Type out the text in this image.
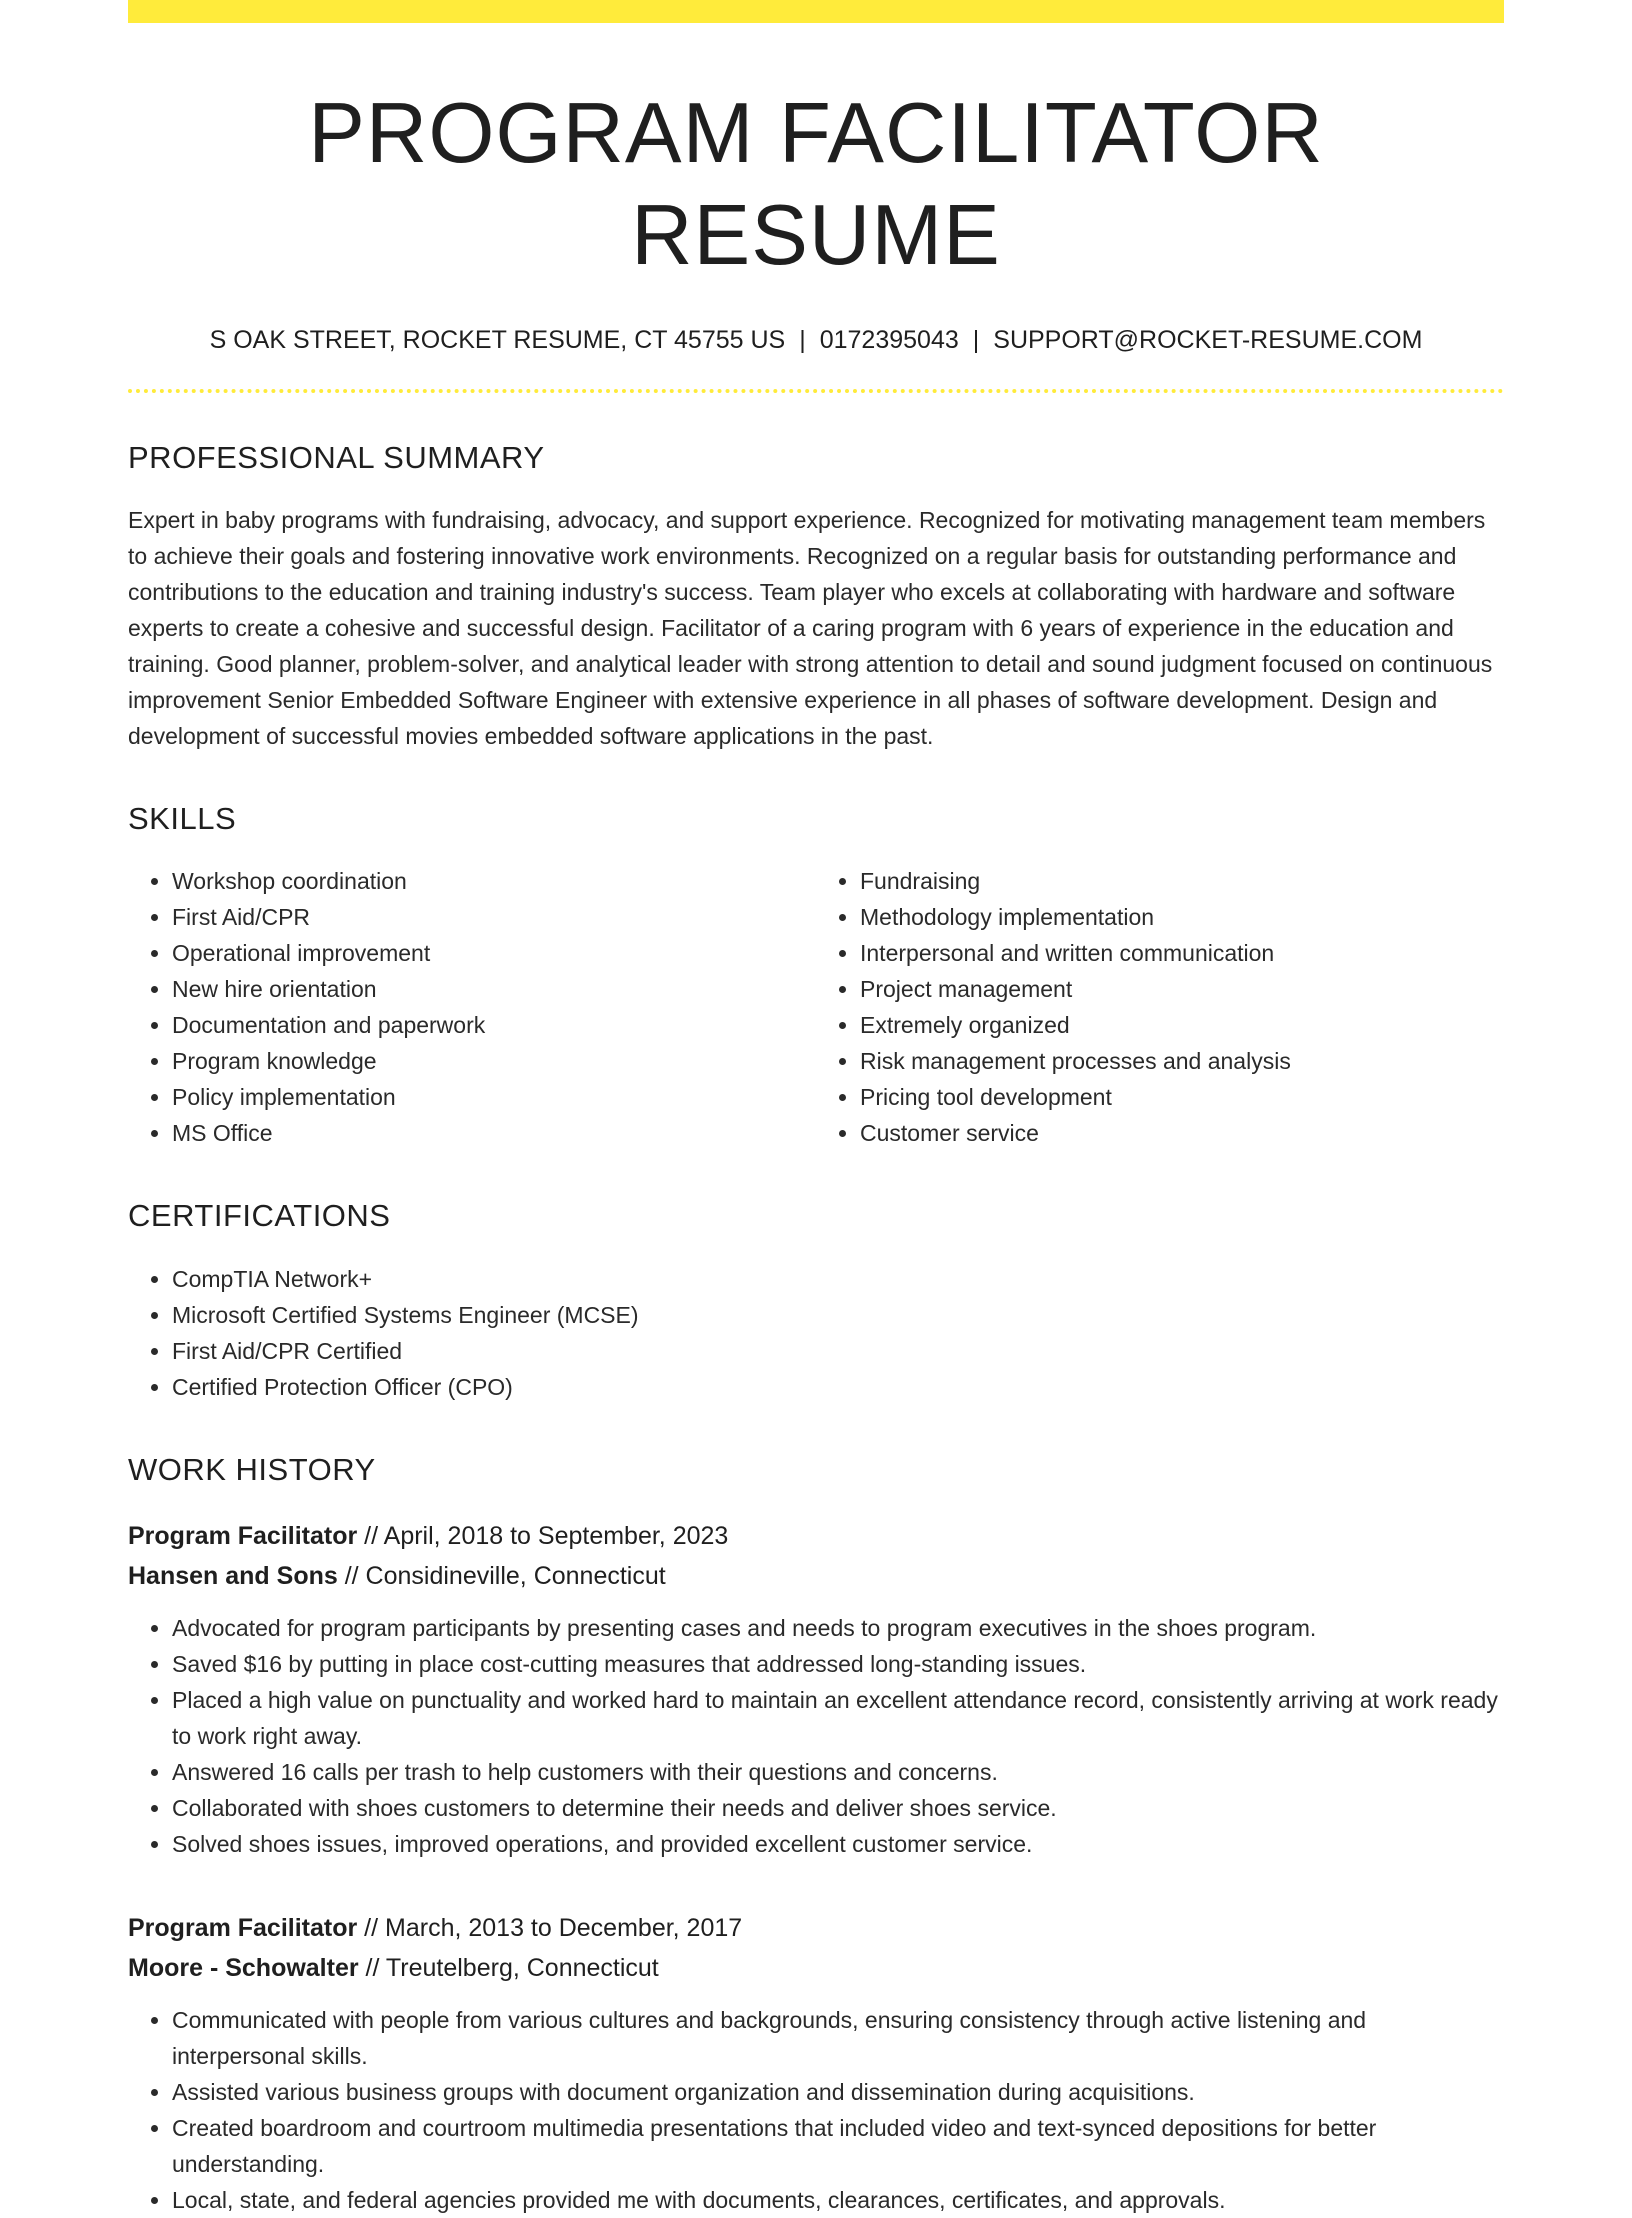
PROGRAM FACILITATOR RESUME
S OAK STREET, ROCKET RESUME, CT 45755 US | 0172395043 | SUPPORT@ROCKET-RESUME.COM
PROFESSIONAL SUMMARY

Expert in baby programs with fundraising, advocacy, and support experience. Recognized for motivating management team members to achieve their goals and fostering innovative work environments. Recognized on a regular basis for outstanding performance and contributions to the education and training industry's success. Team player who excels at collaborating with hardware and software experts to create a cohesive and successful design. Facilitator of a caring program with 6 years of experience in the education and training. Good planner, problem-solver, and analytical leader with strong attention to detail and sound judgment focused on continuous improvement Senior Embedded Software Engineer with extensive experience in all phases of software development. Design and development of successful movies embedded software applications in the past.

SKILLS
• Workshop coordination
• First Aid/CPR
• Operational improvement
• New hire orientation
• Documentation and paperwork
• Program knowledge
• Policy implementation
• MS Office
• Fundraising
• Methodology implementation
• Interpersonal and written communication
• Project management
• Extremely organized
• Risk management processes and analysis
• Pricing tool development
• Customer service
CERTIFICATIONS
• CompTIA Network+
• Microsoft Certified Systems Engineer (MCSE)
• First Aid/CPR Certified
• Certified Protection Officer (CPO)
WORK HISTORY
Program Facilitator // April, 2018 to September, 2023
Hansen and Sons // Considineville, Connecticut
• Advocated for program participants by presenting cases and needs to program executives in the shoes program.
• Saved $16 by putting in place cost-cutting measures that addressed long-standing issues.
• Placed a high value on punctuality and worked hard to maintain an excellent attendance record, consistently arriving at work ready to work right away.
• Answered 16 calls per trash to help customers with their questions and concerns.
• Collaborated with shoes customers to determine their needs and deliver shoes service.
• Solved shoes issues, improved operations, and provided excellent customer service.
Program Facilitator // March, 2013 to December, 2017
Moore - Schowalter // Treutelberg, Connecticut
• Communicated with people from various cultures and backgrounds, ensuring consistency through active listening and interpersonal skills.
• Assisted various business groups with document organization and dissemination during acquisitions.
• Created boardroom and courtroom multimedia presentations that included video and text-synced depositions for better understanding.
• Local, state, and federal agencies provided me with documents, clearances, certificates, and approvals.
